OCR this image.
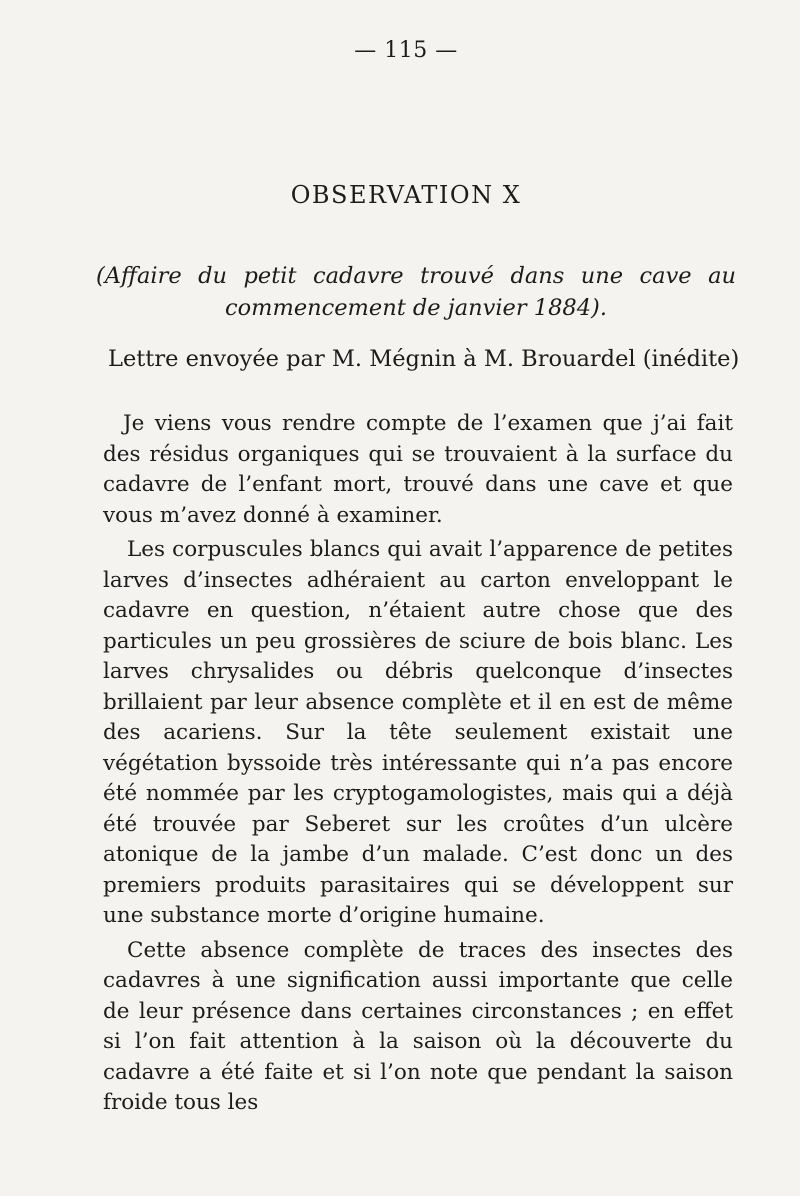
— 115 —
OBSERVATION X
(Affaire du petit cadavre trouvé dans une cave au commencement de janvier 1884).
Lettre envoyée par M. Mégnin à M. Brouardel (inédite)

Je viens vous rendre compte de l’examen que j’ai fait des résidus organiques qui se trouvaient à la surface du cadavre de l’enfant mort, trouvé dans une cave et que vous m’avez donné à examiner.

Les corpuscules blancs qui avait l’apparence de petites larves d’insectes adhéraient au carton enveloppant le cadavre en question, n’étaient autre chose que des particules un peu grossières de sciure de bois blanc. Les larves chrysalides ou débris quelconque d’insectes brillaient par leur absence complète et il en est de même des acariens. Sur la tête seulement existait une végétation byssoide très intéressante qui n’a pas encore été nommée par les cryptogamologistes, mais qui a déjà été trouvée par Seberet sur les croûtes d’un ulcère atonique de la jambe d’un malade. C’est donc un des premiers produits parasitaires qui se développent sur une substance morte d’origine humaine.

Cette absence complète de traces des insectes des cadavres à une signification aussi importante que celle de leur présence dans certaines circonstances ; en effet si l’on fait attention à la saison où la découverte du cadavre a été faite et si l’on note que pendant la saison froide tous les
